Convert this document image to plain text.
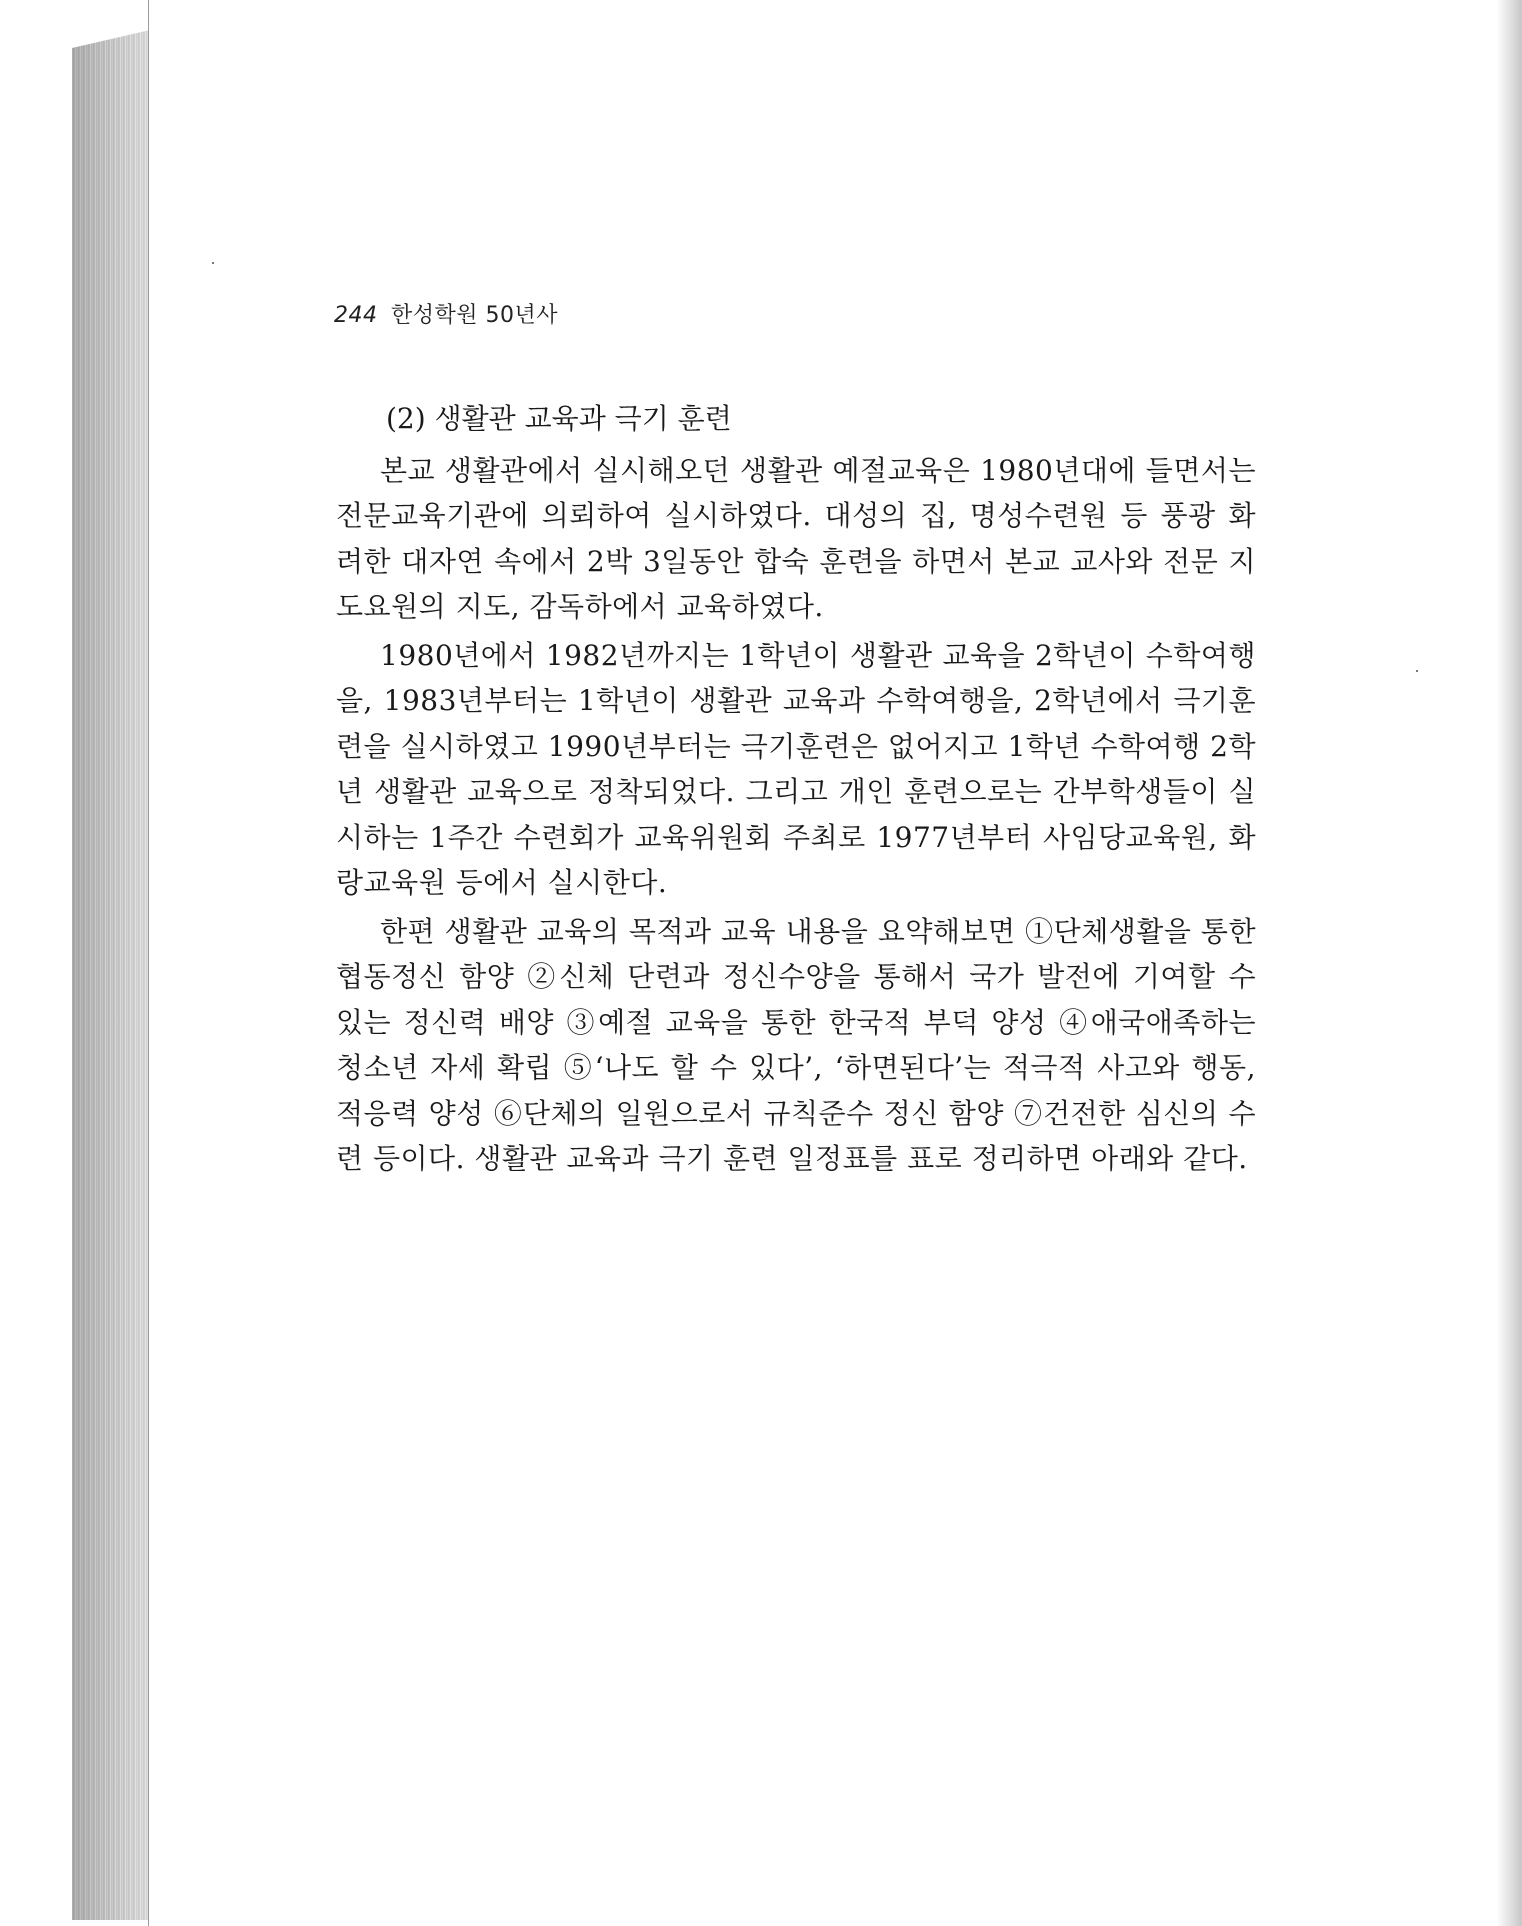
244 한성학원 50년사

(2) 생활관 교육과 극기 훈련

본교 생활관에서 실시해오던 생활관 예절교육은 1980년대에 들면서는 전문교육기관에 의뢰하여 실시하였다. 대성의 집, 명성수련원 등 풍광 화려한 대자연 속에서 2박 3일동안 합숙 훈련을 하면서 본교 교사와 전문 지도요원의 지도, 감독하에서 교육하였다.

1980년에서 1982년까지는 1학년이 생활관 교육을 2학년이 수학여행을, 1983년부터는 1학년이 생활관 교육과 수학여행을, 2학년에서 극기훈련을 실시하였고 1990년부터는 극기훈련은 없어지고 1학년 수학여행 2학년 생활관 교육으로 정착되었다. 그리고 개인 훈련으로는 간부학생들이 실시하는 1주간 수련회가 교육위원회 주최로 1977년부터 사임당교육원, 화랑교육원 등에서 실시한다.

한편 생활관 교육의 목적과 교육 내용을 요약해보면 ①단체생활을 통한 협동정신 함양 ②신체 단련과 정신수양을 통해서 국가 발전에 기여할 수 있는 정신력 배양 ③예절 교육을 통한 한국적 부덕 양성 ④애국애족하는 청소년 자세 확립 ⑤‘나도 할 수 있다’, ‘하면된다’는 적극적 사고와 행동, 적응력 양성 ⑥단체의 일원으로서 규칙준수 정신 함양 ⑦건전한 심신의 수련 등이다. 생활관 교육과 극기 훈련 일정표를 표로 정리하면 아래와 같다.
